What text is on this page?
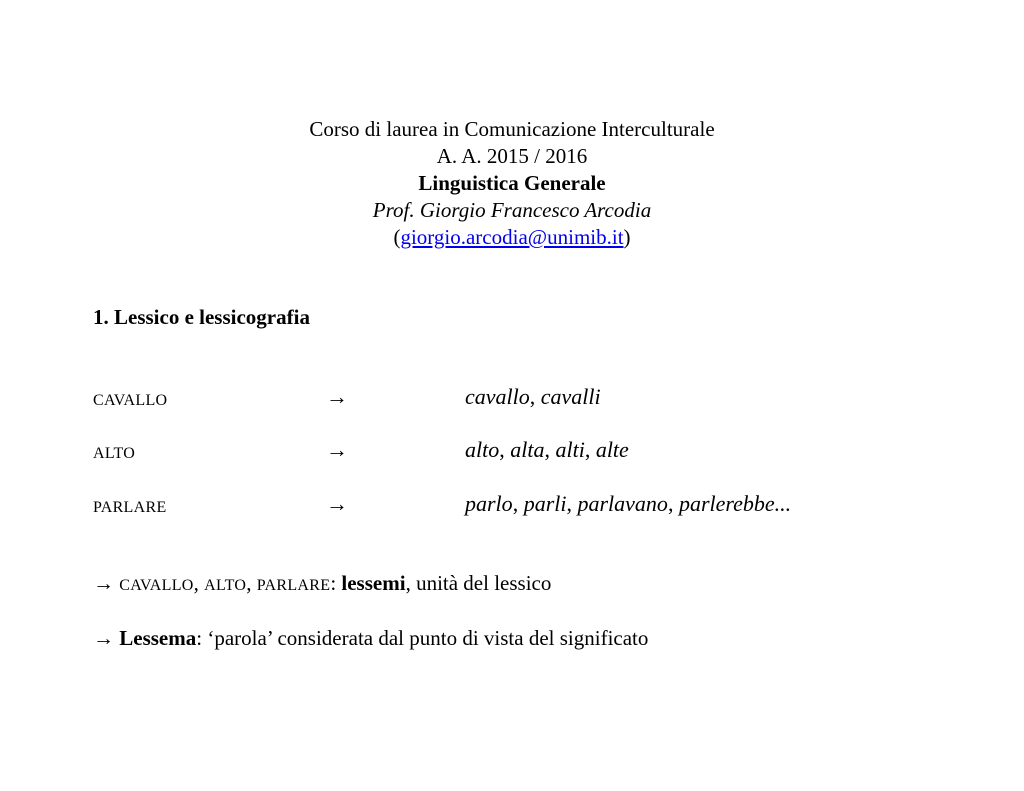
Corso di laurea in Comunicazione Interculturale
A. A. 2015 / 2016
Linguistica Generale
Prof. Giorgio Francesco Arcodia
(giorgio.arcodia@unimib.it)
1. Lessico e lessicografia
CAVALLO	→	cavallo, cavalli
ALTO	→	alto, alta, alti, alte
PARLARE	→	parlo, parli, parlavano, parlerebbe...
→ CAVALLO, ALTO, PARLARE: lessemi, unità del lessico
→ Lessema: ‘parola’ considerata dal punto di vista del significato
